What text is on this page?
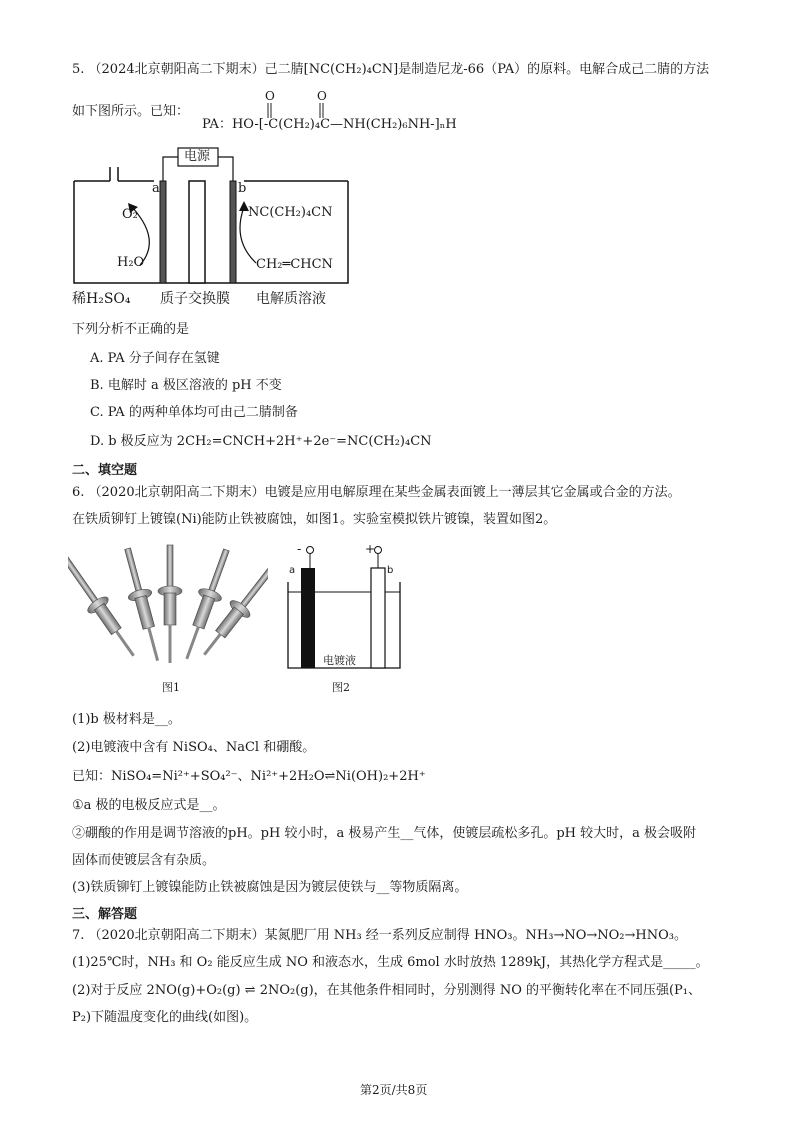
5. （2024北京朝阳高二下期末）己二腈[NC(CH₂)₄CN]是制造尼龙-66（PA）的原料。电解合成己二腈的方法
如下图所示。已知：
PA：HO-[-C(CH₂)₄C—NH(CH₂)₆NH-]ₙH
O	O
电源
a	b
O₂
H₂O
NC(CH₂)₄CN
CH₂═CHCN
稀H₂SO₄ 质子交换膜 电解质溶液
下列分析不正确的是
A. PA 分子间存在氢键
B. 电解时 a 极区溶液的 pH 不变
C. PA 的两种单体均可由己二腈制备
D. b 极反应为 2CH₂=CNCH+2H⁺+2e⁻=NC(CH₂)₄CN
二、填空题
6. （2020北京朝阳高二下期末）电镀是应用电解原理在某些金属表面镀上一薄层其它金属或合金的方法。
在铁质铆钉上镀镍(Ni)能防止铁被腐蚀，如图1。实验室模拟铁片镀镍，装置如图2。
图1
-	+
a	b
电镀液
图2
(1)b 极材料是__。
(2)电镀液中含有 NiSO₄、NaCl 和硼酸。
已知：NiSO₄=Ni²⁺+SO₄²⁻、Ni²⁺+2H₂O⇌Ni(OH)₂+2H⁺
①a 极的电极反应式是__。
②硼酸的作用是调节溶液的pH。pH 较小时，a 极易产生__气体，使镀层疏松多孔。pH 较大时，a 极会吸附
固体而使镀层含有杂质。
(3)铁质铆钉上镀镍能防止铁被腐蚀是因为镀层使铁与__等物质隔离。
三、解答题
7. （2020北京朝阳高二下期末）某氮肥厂用 NH₃ 经一系列反应制得 HNO₃。NH₃→NO→NO₂→HNO₃。
(1)25℃时，NH₃ 和 O₂ 能反应生成 NO 和液态水，生成 6mol 水时放热 1289kJ，其热化学方程式是_____。
(2)对于反应 2NO(g)+O₂(g) ⇌ 2NO₂(g)，在其他条件相同时，分别测得 NO 的平衡转化率在不同压强(P₁、
P₂)下随温度变化的曲线(如图)。
第2页/共8页
